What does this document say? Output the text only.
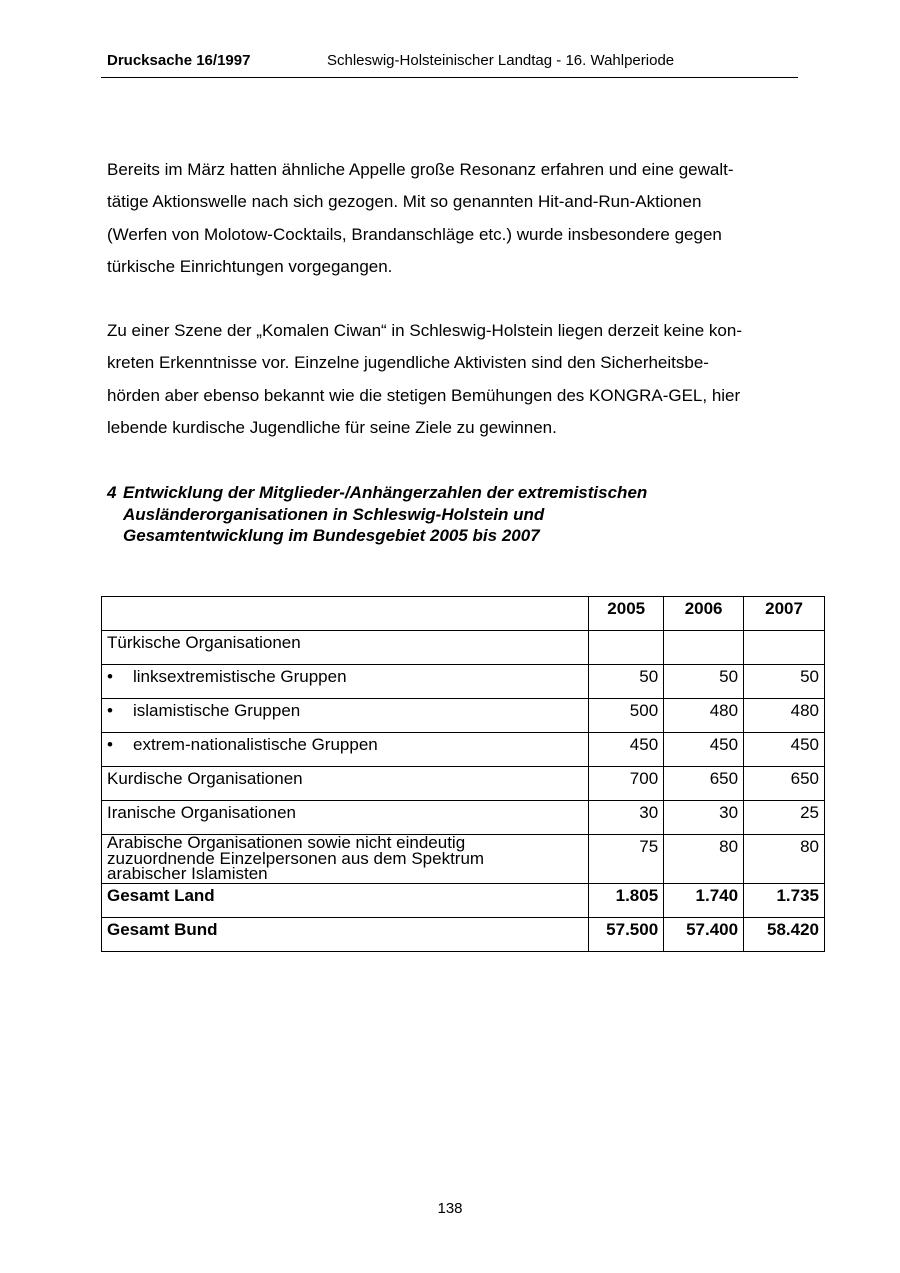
Drucksache 16/1997	Schleswig-Holsteinischer Landtag - 16. Wahlperiode

Bereits im März hatten ähnliche Appelle große Resonanz erfahren und eine gewalt-
tätige Aktionswelle nach sich gezogen. Mit so genannten Hit-and-Run-Aktionen
(Werfen von Molotow-Cocktails, Brandanschläge etc.) wurde insbesondere gegen
türkische Einrichtungen vorgegangen.

Zu einer Szene der „Komalen Ciwan“ in Schleswig-Holstein liegen derzeit keine kon-
kreten Erkenntnisse vor. Einzelne jugendliche Aktivisten sind den Sicherheitsbe-
hörden aber ebenso bekannt wie die stetigen Bemühungen des KONGRA-GEL, hier
lebende kurdische Jugendliche für seine Ziele zu gewinnen.

4 Entwicklung der Mitglieder-/Anhängerzahlen der extremistischen
Ausländerorganisationen in Schleswig-Holstein und
Gesamtentwicklung im Bundesgebiet 2005 bis 2007
	2005	2006	2007
Türkische Organisationen			
• linksextremistische Gruppen	50	50	50
• islamistische Gruppen	500	480	480
• extrem-nationalistische Gruppen	450	450	450
Kurdische Organisationen	700	650	650
Iranische Organisationen	30	30	25
Arabische Organisationen sowie nicht eindeutig
zuzuordnende Einzelpersonen aus dem Spektrum
arabischer Islamisten	75	80	80
Gesamt Land	1.805	1.740	1.735
Gesamt Bund	57.500	57.400	58.420
138
